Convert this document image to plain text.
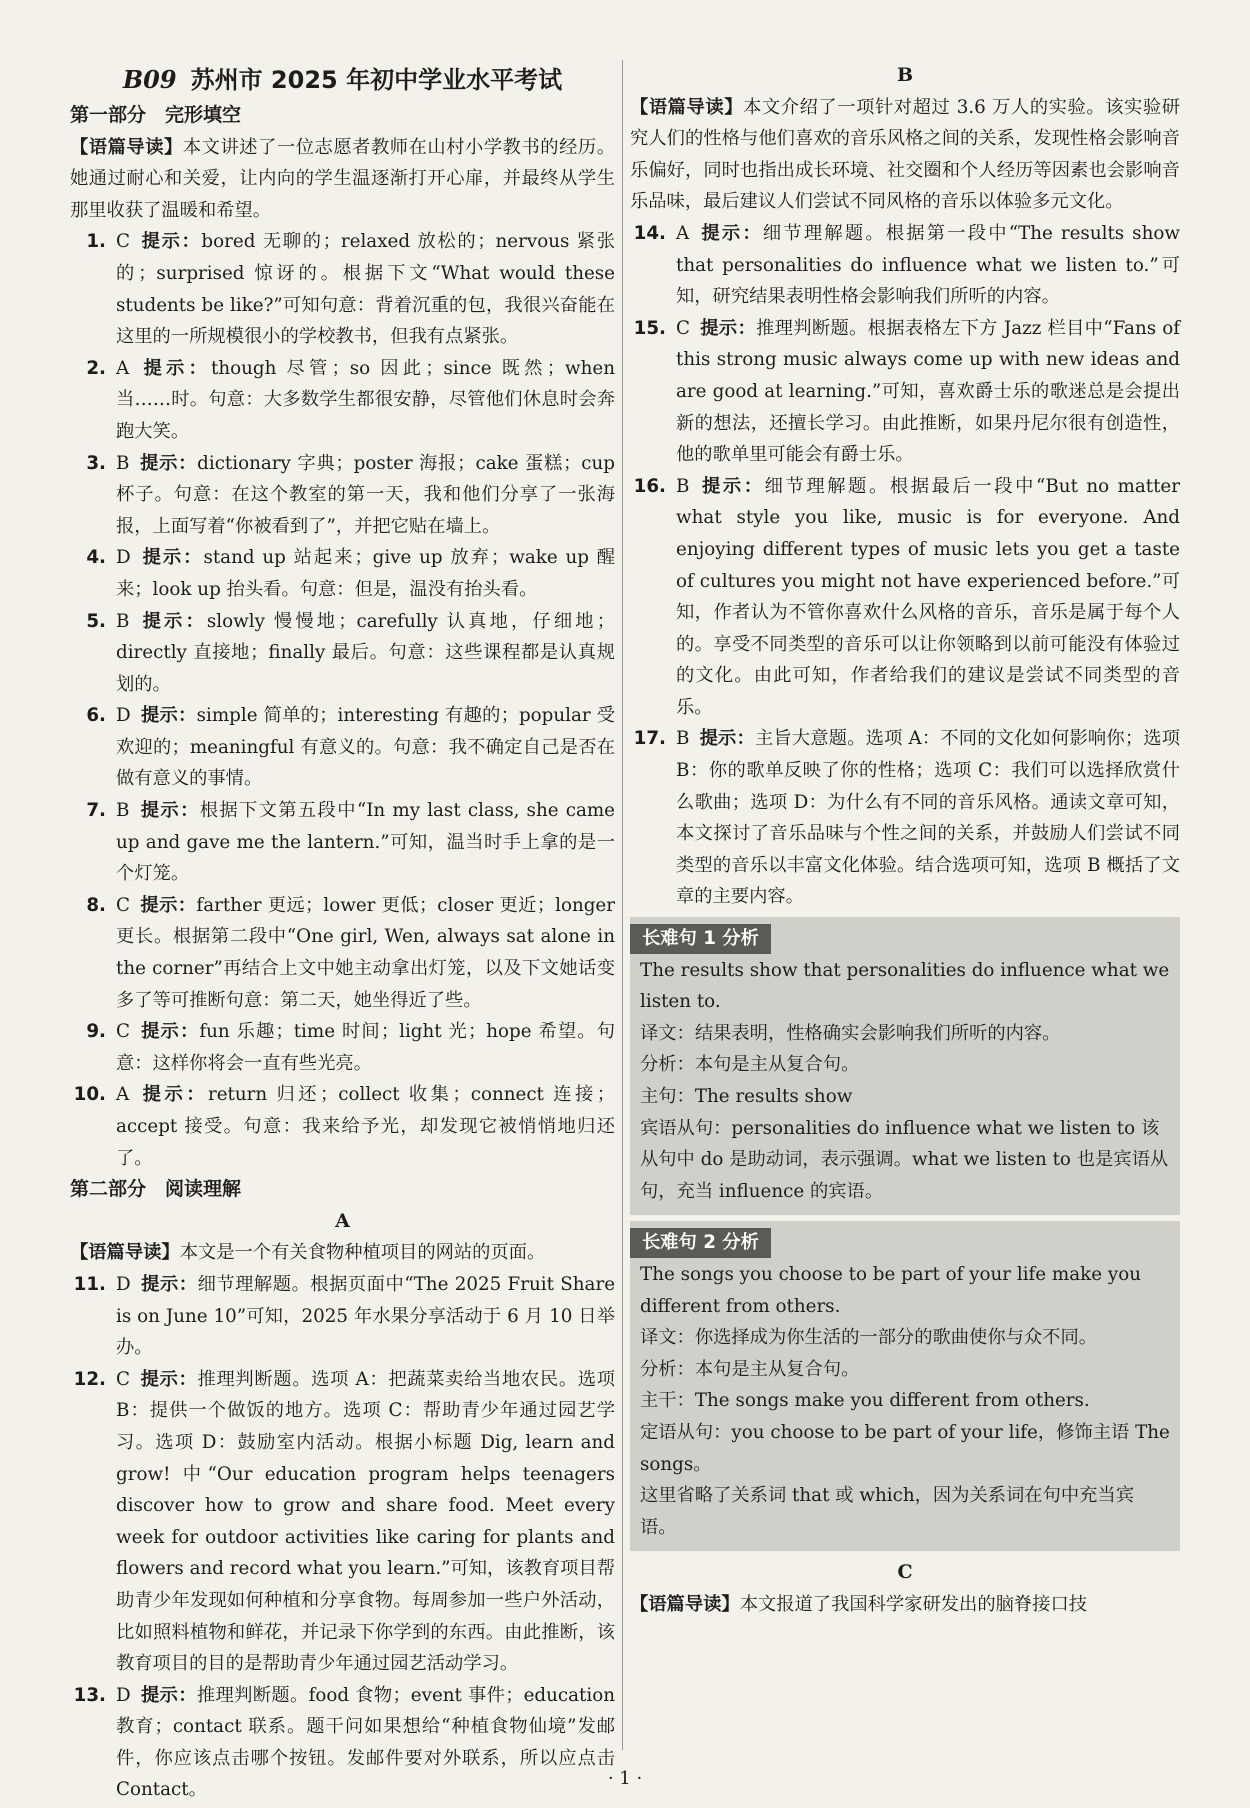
B09 苏州市 2025 年初中学业水平考试
第一部分　完形填空
【语篇导读】本文讲述了一位志愿者教师在山村小学教书的经历。她通过耐心和关爱，让内向的学生温逐渐打开心扉，并最终从学生那里收获了温暖和希望。
1. C 提示：bored 无聊的；relaxed 放松的；nervous 紧张的；surprised 惊讶的。根据下文“What would these students be like?”可知句意：背着沉重的包，我很兴奋能在这里的一所规模很小的学校教书，但我有点紧张。
2. A 提示：though 尽管；so 因此；since 既然；when 当……时。句意：大多数学生都很安静，尽管他们休息时会奔跑大笑。
3. B 提示：dictionary 字典；poster 海报；cake 蛋糕；cup 杯子。句意：在这个教室的第一天，我和他们分享了一张海报，上面写着“你被看到了”，并把它贴在墙上。
4. D 提示：stand up 站起来；give up 放弃；wake up 醒来；look up 抬头看。句意：但是，温没有抬头看。
5. B 提示：slowly 慢慢地；carefully 认真地，仔细地；directly 直接地；finally 最后。句意：这些课程都是认真规划的。
6. D 提示：simple 简单的；interesting 有趣的；popular 受欢迎的；meaningful 有意义的。句意：我不确定自己是否在做有意义的事情。
7. B 提示：根据下文第五段中“In my last class, she came up and gave me the lantern.”可知，温当时手上拿的是一个灯笼。
8. C 提示：farther 更远；lower 更低；closer 更近；longer 更长。根据第二段中“One girl, Wen, always sat alone in the corner”再结合上文中她主动拿出灯笼，以及下文她话变多了等可推断句意：第二天，她坐得近了些。
9. C 提示：fun 乐趣；time 时间；light 光；hope 希望。句意：这样你将会一直有些光亮。
10. A 提示：return 归还；collect 收集；connect 连接；accept 接受。句意：我来给予光，却发现它被悄悄地归还了。
第二部分　阅读理解
A
【语篇导读】本文是一个有关食物种植项目的网站的页面。
11. D 提示：细节理解题。根据页面中“The 2025 Fruit Share is on June 10”可知，2025 年水果分享活动于 6 月 10 日举办。
12. C 提示：推理判断题。选项 A：把蔬菜卖给当地农民。选项 B：提供一个做饭的地方。选项 C：帮助青少年通过园艺学习。选项 D：鼓励室内活动。根据小标题 Dig, learn and grow! 中“Our education program helps teenagers discover how to grow and share food. Meet every week for outdoor activities like caring for plants and flowers and record what you learn.”可知，该教育项目帮助青少年发现如何种植和分享食物。每周参加一些户外活动，比如照料植物和鲜花，并记录下你学到的东西。由此推断，该教育项目的目的是帮助青少年通过园艺活动学习。
13. D 提示：推理判断题。food 食物；event 事件；education 教育；contact 联系。题干问如果想给“种植食物仙境”发邮件，你应该点击哪个按钮。发邮件要对外联系，所以应点击 Contact。
B
【语篇导读】本文介绍了一项针对超过 3.6 万人的实验。该实验研究人们的性格与他们喜欢的音乐风格之间的关系，发现性格会影响音乐偏好，同时也指出成长环境、社交圈和个人经历等因素也会影响音乐品味，最后建议人们尝试不同风格的音乐以体验多元文化。
14. A 提示：细节理解题。根据第一段中“The results show that personalities do influence what we listen to.”可知，研究结果表明性格会影响我们所听的内容。
15. C 提示：推理判断题。根据表格左下方 Jazz 栏目中“Fans of this strong music always come up with new ideas and are good at learning.”可知，喜欢爵士乐的歌迷总是会提出新的想法，还擅长学习。由此推断，如果丹尼尔很有创造性，他的歌单里可能会有爵士乐。
16. B 提示：细节理解题。根据最后一段中“But no matter what style you like, music is for everyone. And enjoying different types of music lets you get a taste of cultures you might not have experienced before.”可知，作者认为不管你喜欢什么风格的音乐，音乐是属于每个人的。享受不同类型的音乐可以让你领略到以前可能没有体验过的文化。由此可知，作者给我们的建议是尝试不同类型的音乐。
17. B 提示：主旨大意题。选项 A：不同的文化如何影响你；选项 B：你的歌单反映了你的性格；选项 C：我们可以选择欣赏什么歌曲；选项 D：为什么有不同的音乐风格。通读文章可知，本文探讨了音乐品味与个性之间的关系，并鼓励人们尝试不同类型的音乐以丰富文化体验。结合选项可知，选项 B 概括了文章的主要内容。
长难句 1 分析
The results show that personalities do influence what we listen to.
译文：结果表明，性格确实会影响我们所听的内容。
分析：本句是主从复合句。
主句：The results show
宾语从句：personalities do influence what we listen to 该从句中 do 是助动词，表示强调。what we listen to 也是宾语从句，充当 influence 的宾语。
长难句 2 分析
The songs you choose to be part of your life make you different from others.
译文：你选择成为你生活的一部分的歌曲使你与众不同。
分析：本句是主从复合句。
主干：The songs make you different from others.
定语从句：you choose to be part of your life，修饰主语 The songs。
这里省略了关系词 that 或 which，因为关系词在句中充当宾语。
C
【语篇导读】本文报道了我国科学家研发出的脑脊接口技
· 1 ·
